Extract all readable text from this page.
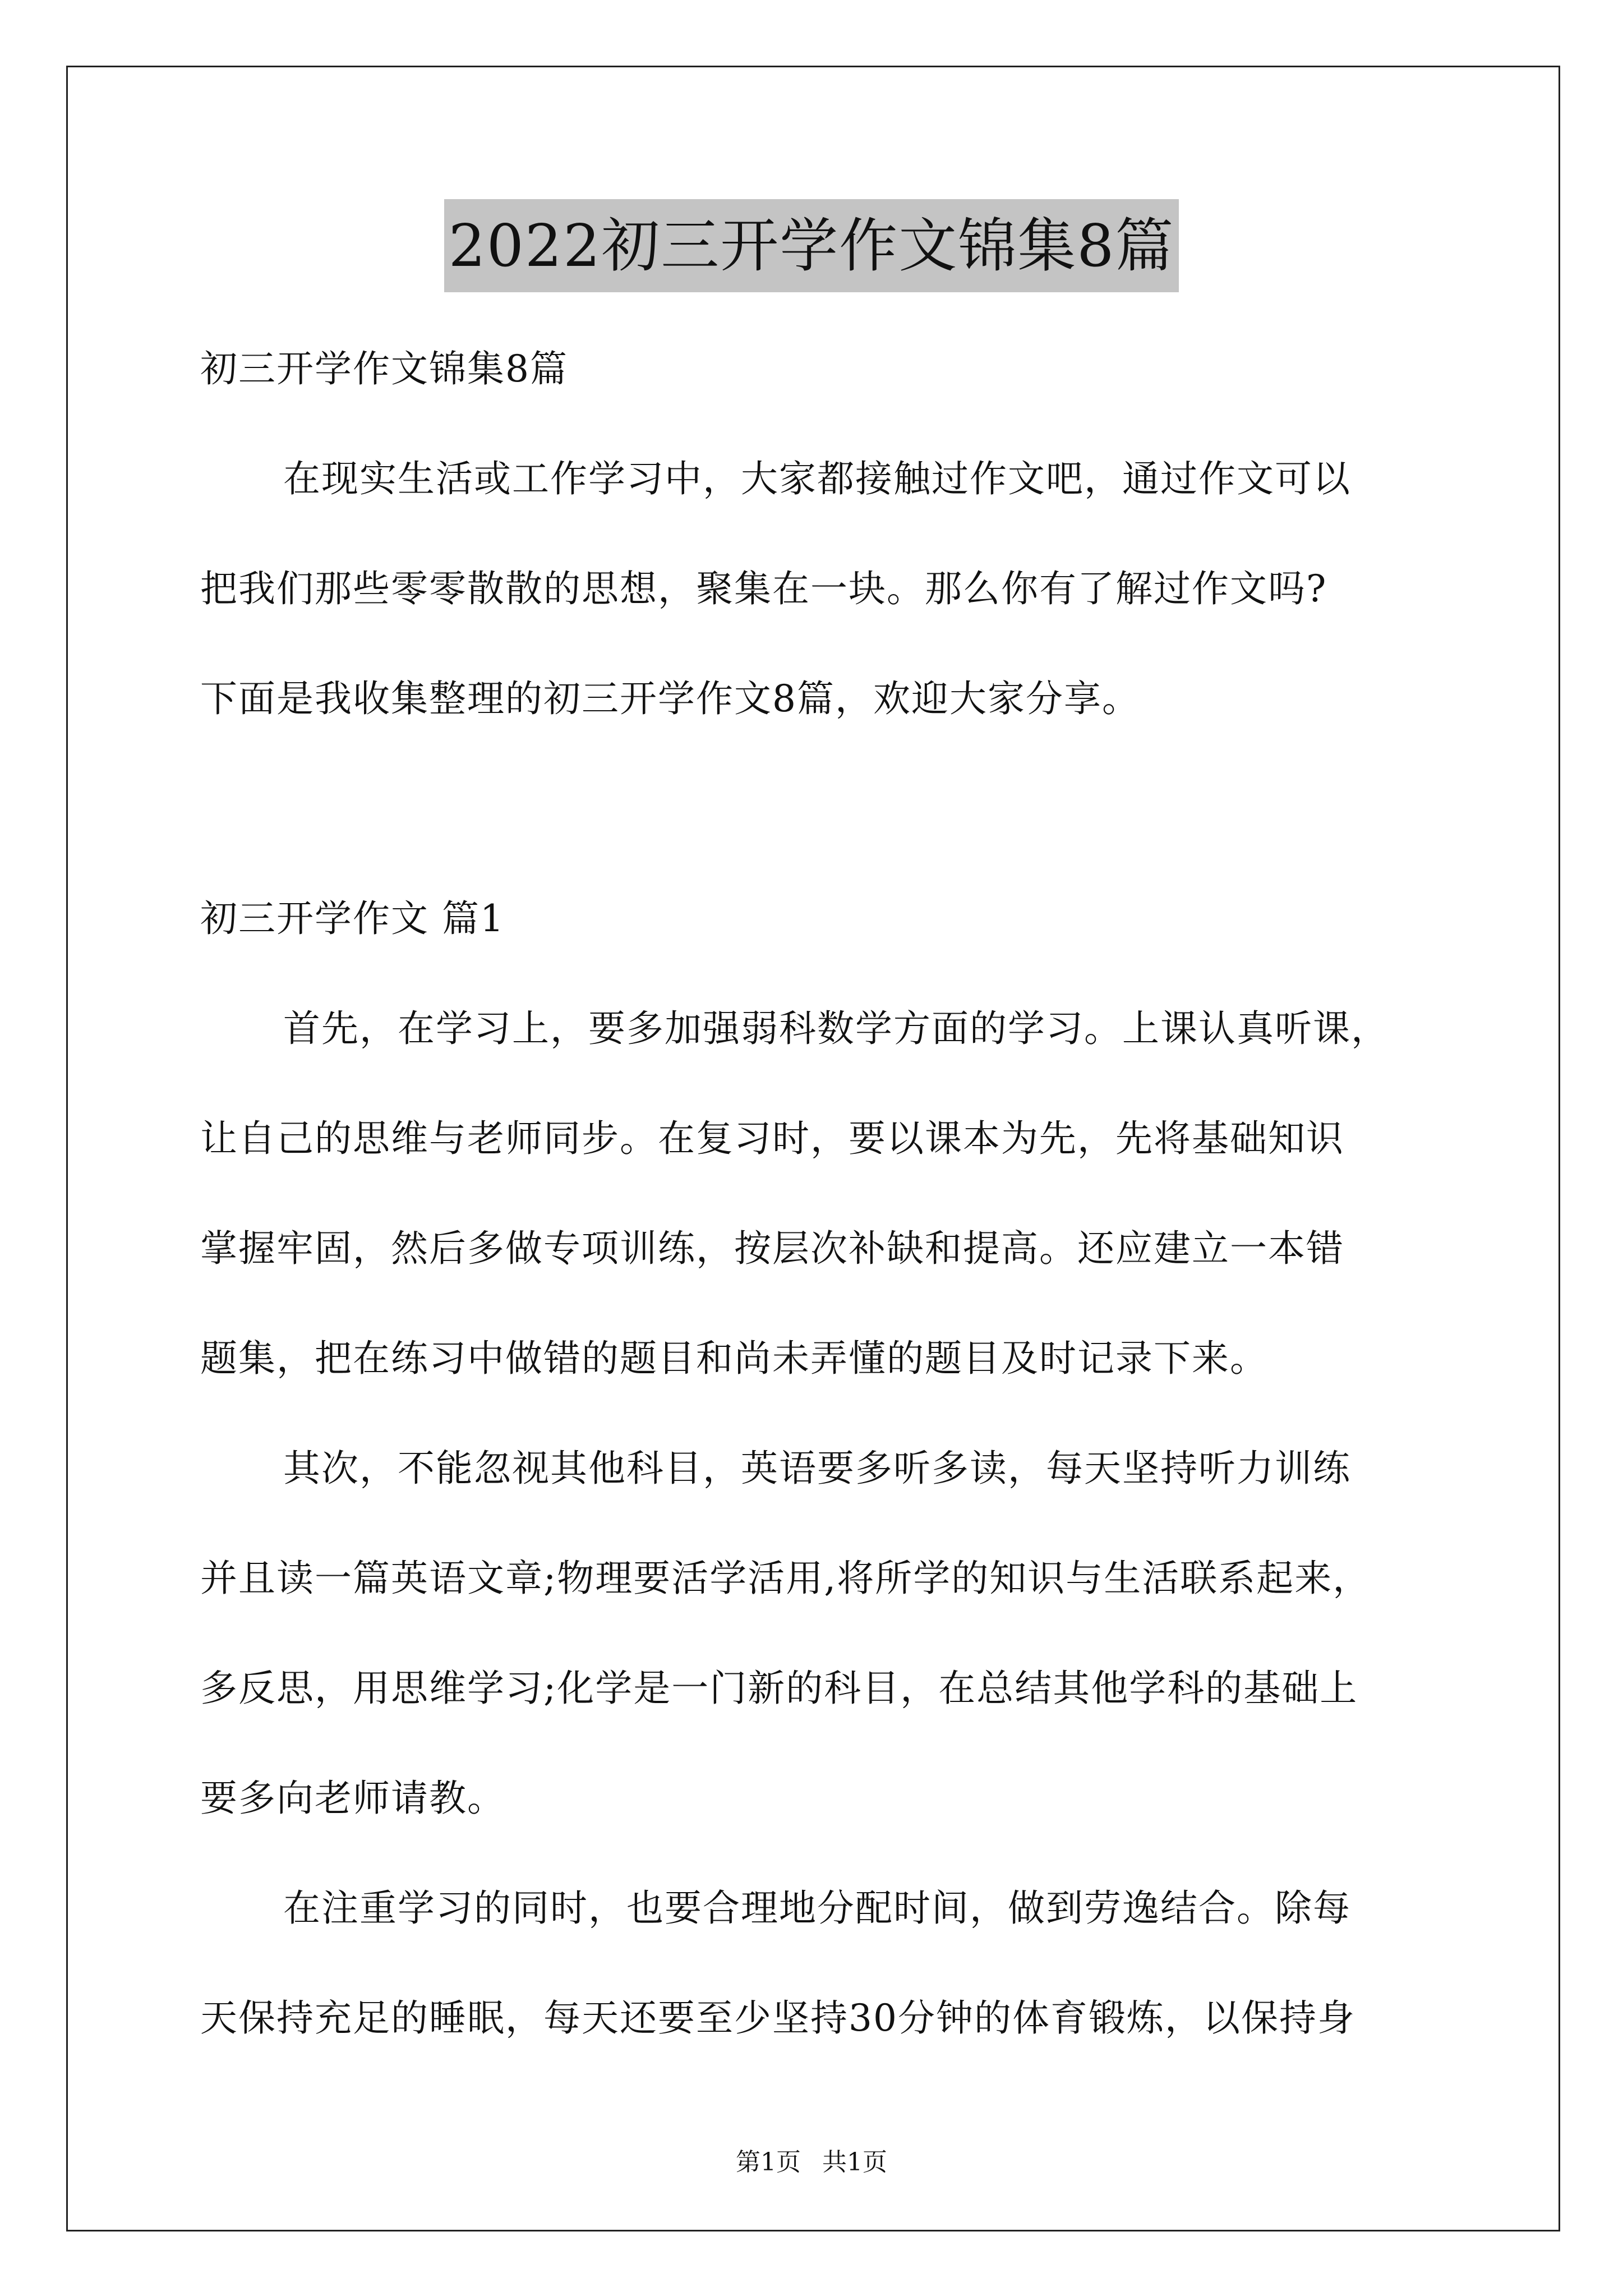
2022初三开学作文锦集8篇
初三开学作文锦集8篇
在现实生活或工作学习中，大家都接触过作文吧，通过作文可以
把我们那些零零散散的思想，聚集在一块。那么你有了解过作文吗?
下面是我收集整理的初三开学作文8篇，欢迎大家分享。
初三开学作文 篇1
首先，在学习上，要多加强弱科数学方面的学习。上课认真听课，
让自己的思维与老师同步。在复习时，要以课本为先，先将基础知识
掌握牢固，然后多做专项训练，按层次补缺和提高。还应建立一本错
题集，把在练习中做错的题目和尚未弄懂的题目及时记录下来。
其次，不能忽视其他科目，英语要多听多读，每天坚持听力训练
并且读一篇英语文章;物理要活学活用,将所学的知识与生活联系起来，
多反思，用思维学习;化学是一门新的科目，在总结其他学科的基础上
要多向老师请教。
在注重学习的同时，也要合理地分配时间，做到劳逸结合。除每
天保持充足的睡眠，每天还要至少坚持30分钟的体育锻炼，以保持身
第1页 共1页
